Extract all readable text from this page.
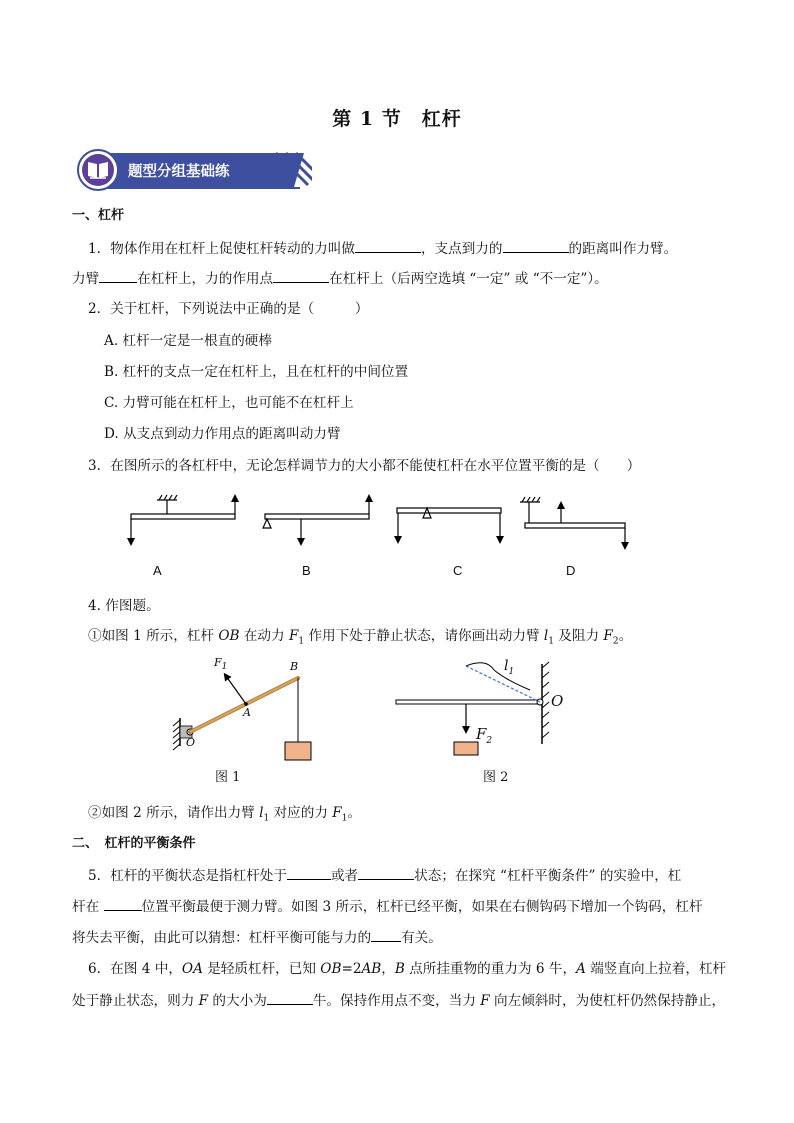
第 1 节　杠杆
题型分组基础练
一、杠杆
1．物体作用在杠杆上促使杠杆转动的力叫做	，支点到力的	的距离叫作力臂。
力臂	在杠杆上，力的作用点	在杠杆上（后两空选填 “一定” 或 “不一定”）。
2．关于杠杆，下列说法中正确的是（　　　）
A. 杠杆一定是一根直的硬棒
B. 杠杆的支点一定在杠杆上，且在杠杆的中间位置
C. 力臂可能在杠杆上，也可能不在杠杆上
D. 从支点到动力作用点的距离叫动力臂
3．在图所示的各杠杆中，无论怎样调节力的大小都不能使杠杆在水平位置平衡的是（　　）
A	B	C	D
4. 作图题。
①如图 1 所示，杠杆 OB 在动力 $F_1$ 作用下处于静止状态，请你画出动力臂 $l_1$ 及阻力 $F_2$。
$F_1$	B
A
O
图 1
$l_1$
O
$F_2$
图 2
②如图 2 所示，请作出力臂 $l_1$ 对应的力 $F_1$。
二、　杠杆的平衡条件
5．杠杆的平衡状态是指杠杆处于	或者	状态；在探究 “杠杆平衡条件” 的实验中，杠
杆在	位置平衡最便于测力臂。如图 3 所示，杠杆已经平衡，如果在右侧钩码下增加一个钩码，杠杆
将失去平衡，由此可以猜想：杠杆平衡可能与力的 有关。
6．在图 4 中，OA 是轻质杠杆，已知 OB=2AB，B 点所挂重物的重力为 6 牛，A 端竖直向上拉着，杠杆
处于静止状态，则力 F 的大小为	牛。保持作用点不变，当力 F 向左倾斜时，为使杠杆仍然保持静止，
